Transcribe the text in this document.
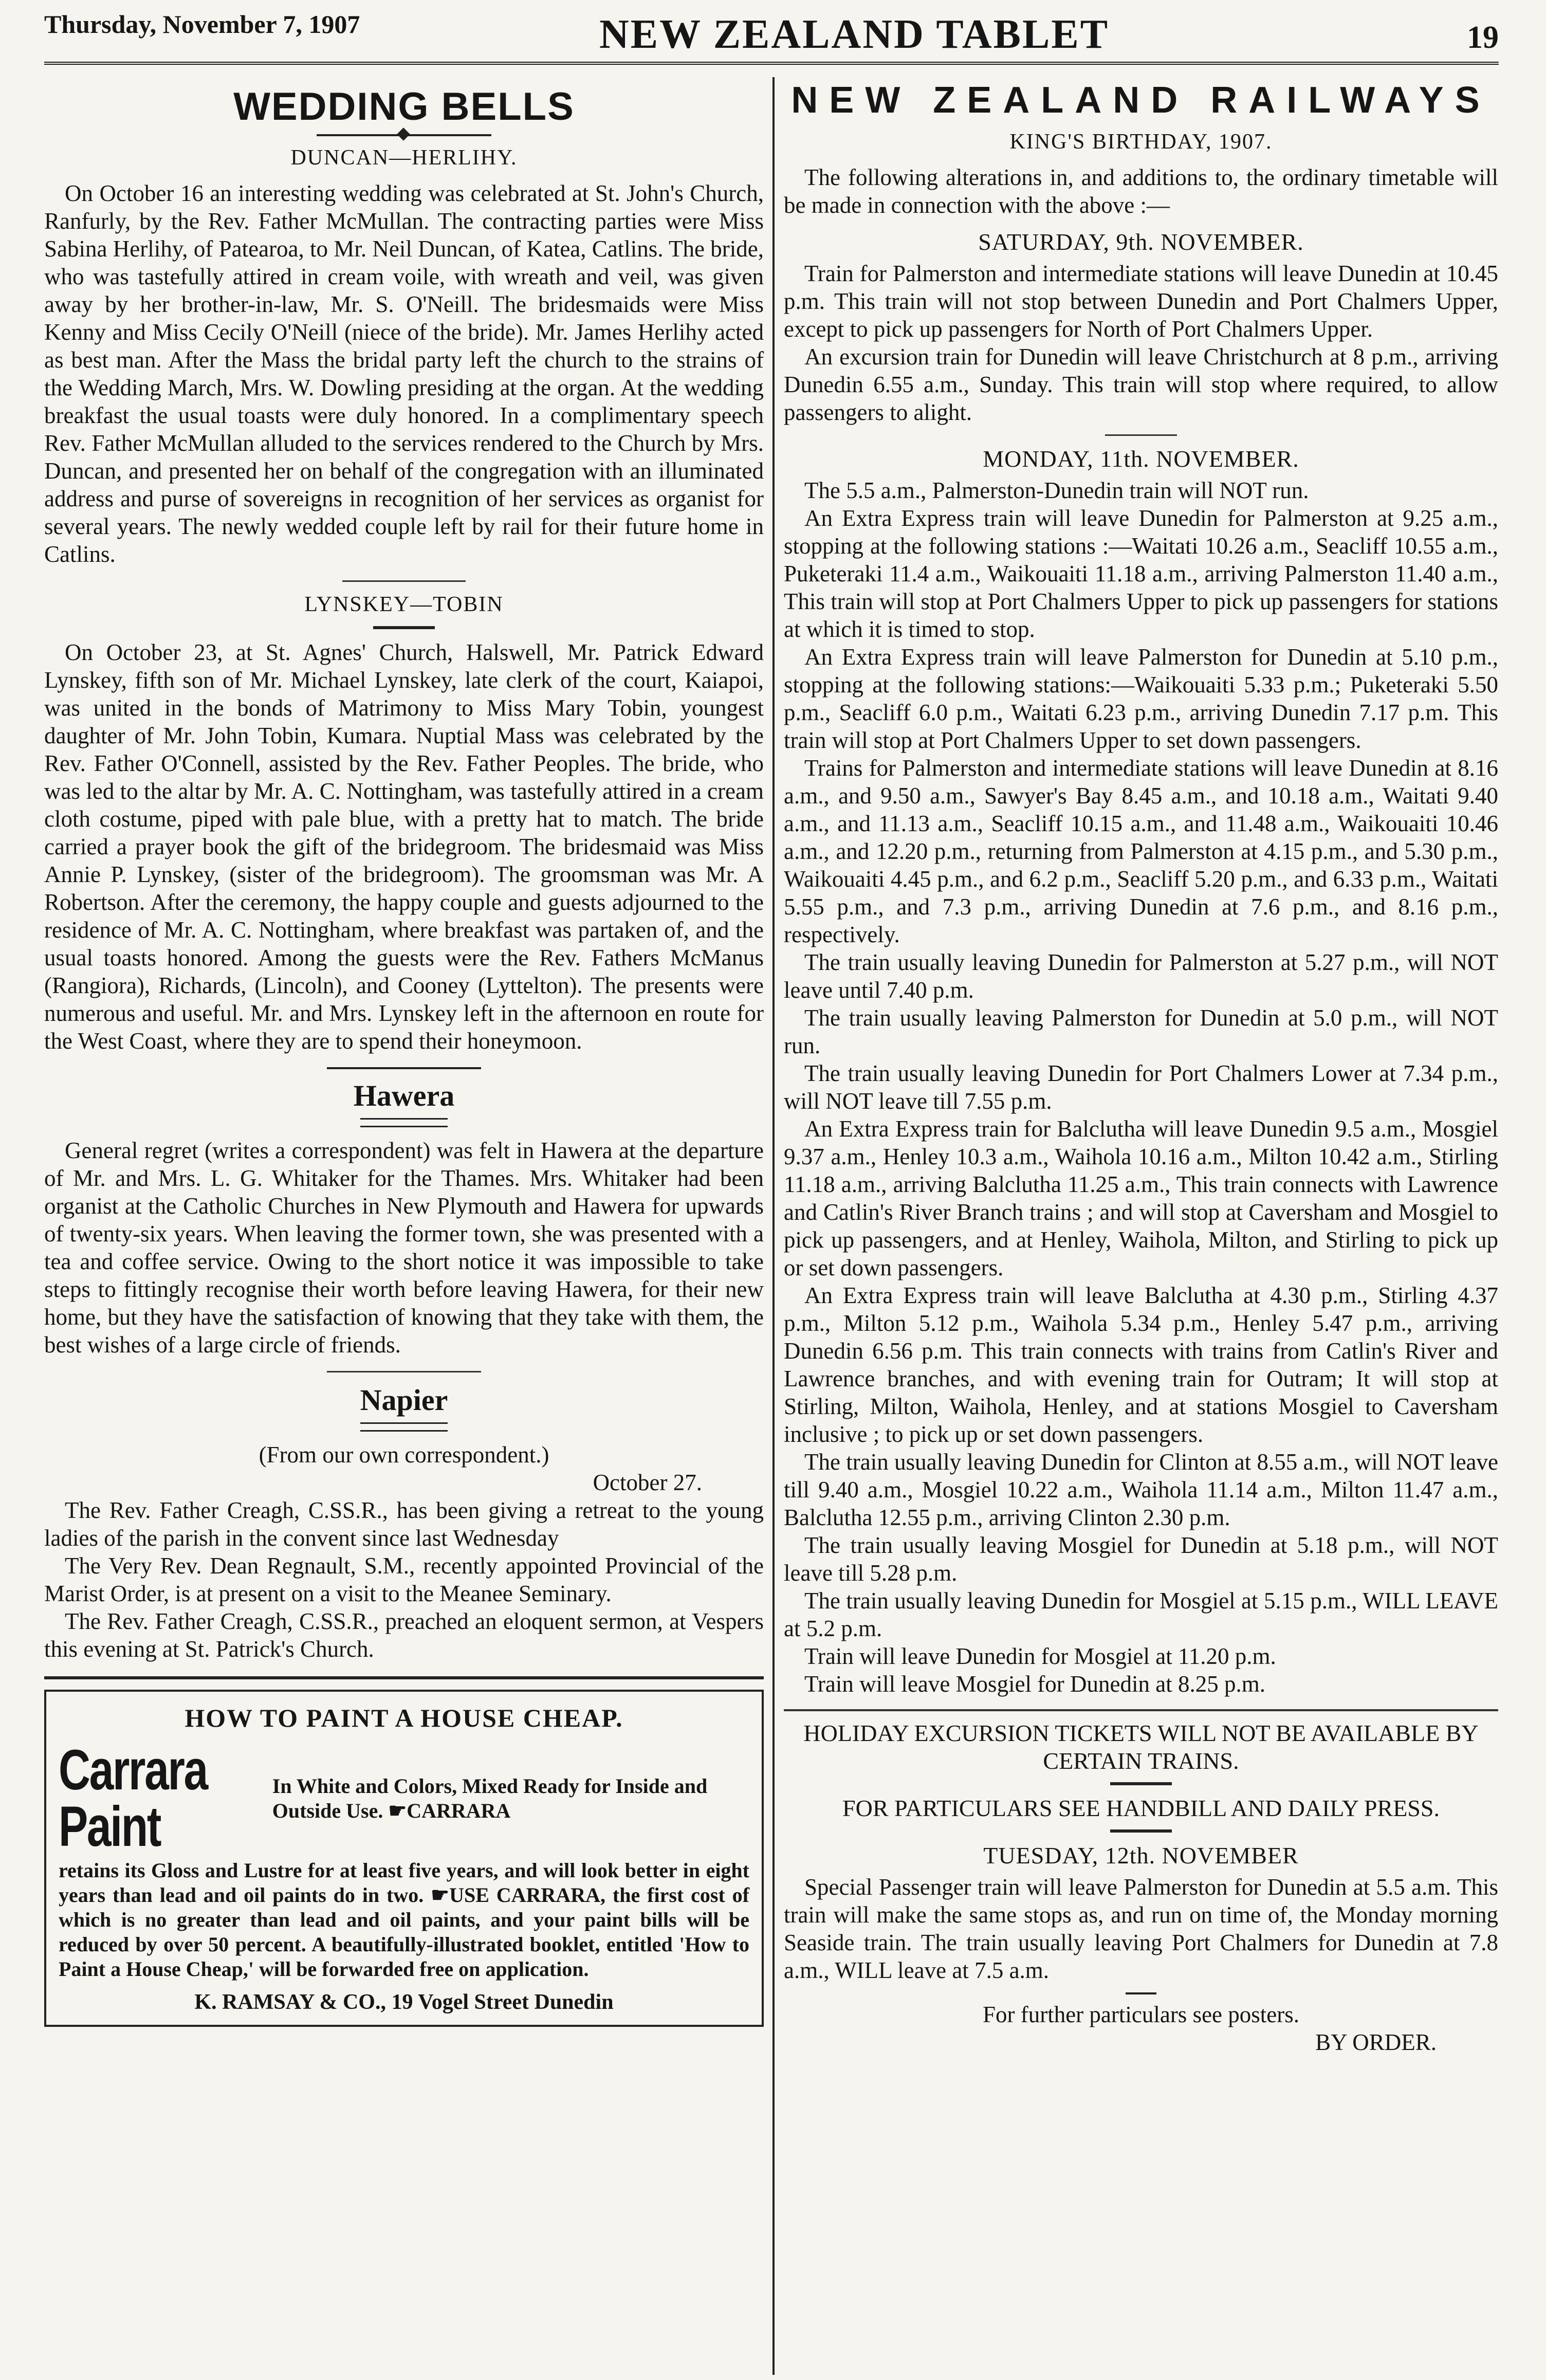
Thursday, November 7, 1907	NEW ZEALAND TABLET	19
WEDDING BELLS
DUNCAN—HERLIHY.

On October 16 an interesting wedding was celebrated at St. John's Church, Ranfurly, by the Rev. Father McMullan. The contracting parties were Miss Sabina Herlihy, of Patearoa, to Mr. Neil Duncan, of Katea, Catlins. The bride, who was tastefully attired in cream voile, with wreath and veil, was given away by her brother-in-law, Mr. S. O'Neill. The bridesmaids were Miss Kenny and Miss Cecily O'Neill (niece of the bride). Mr. James Herlihy acted as best man. After the Mass the bridal party left the church to the strains of the Wedding March, Mrs. W. Dowling presiding at the organ. At the wedding breakfast the usual toasts were duly honored. In a complimentary speech Rev. Father McMullan alluded to the services rendered to the Church by Mrs. Duncan, and presented her on behalf of the congregation with an illuminated address and purse of sovereigns in recognition of her services as organist for several years. The newly wedded couple left by rail for their future home in Catlins.

LYNSKEY—TOBIN

On October 23, at St. Agnes' Church, Halswell, Mr. Patrick Edward Lynskey, fifth son of Mr. Michael Lynskey, late clerk of the court, Kaiapoi, was united in the bonds of Matrimony to Miss Mary Tobin, youngest daughter of Mr. John Tobin, Kumara. Nuptial Mass was celebrated by the Rev. Father O'Connell, assisted by the Rev. Father Peoples. The bride, who was led to the altar by Mr. A. C. Nottingham, was tastefully attired in a cream cloth costume, piped with pale blue, with a pretty hat to match. The bride carried a prayer book the gift of the bridegroom. The bridesmaid was Miss Annie P. Lynskey, (sister of the bridegroom). The groomsman was Mr. A Robertson. After the ceremony, the happy couple and guests adjourned to the residence of Mr. A. C. Nottingham, where breakfast was partaken of, and the usual toasts honored. Among the guests were the Rev. Fathers McManus (Rangiora), Richards, (Lincoln), and Cooney (Lyttelton). The presents were numerous and useful. Mr. and Mrs. Lynskey left in the afternoon en route for the West Coast, where they are to spend their honeymoon.

Hawera

General regret (writes a correspondent) was felt in Hawera at the departure of Mr. and Mrs. L. G. Whitaker for the Thames. Mrs. Whitaker had been organist at the Catholic Churches in New Plymouth and Hawera for upwards of twenty-six years. When leaving the former town, she was presented with a tea and coffee service. Owing to the short notice it was impossible to take steps to fittingly recognise their worth before leaving Hawera, for their new home, but they have the satisfaction of knowing that they take with them, the best wishes of a large circle of friends.

Napier

(From our own correspondent.)

October 27.

The Rev. Father Creagh, C.SS.R., has been giving a retreat to the young ladies of the parish in the convent since last Wednesday

The Very Rev. Dean Regnault, S.M., recently appointed Provincial of the Marist Order, is at present on a visit to the Meanee Seminary.

The Rev. Father Creagh, C.SS.R., preached an eloquent sermon, at Vespers this evening at St. Patrick's Church.

HOW TO PAINT A HOUSE CHEAP.
Carrara Paint
In White and Colors, Mixed Ready for Inside and Outside Use. ☛CARRARA
retains its Gloss and Lustre for at least five years, and will look better in eight years than lead and oil paints do in two. ☛USE CARRARA, the first cost of which is no greater than lead and oil paints, and your paint bills will be reduced by over 50 percent. A beautifully-illustrated booklet, entitled 'How to Paint a House Cheap,' will be forwarded free on application.
K. RAMSAY & CO., 19 Vogel Street Dunedin
NEW ZEALAND RAILWAYS
KING'S BIRTHDAY, 1907.

The following alterations in, and additions to, the ordinary timetable will be made in connection with the above :—

SATURDAY, 9th. NOVEMBER.

Train for Palmerston and intermediate stations will leave Dunedin at 10.45 p.m. This train will not stop between Dunedin and Port Chalmers Upper, except to pick up passengers for North of Port Chalmers Upper.

An excursion train for Dunedin will leave Christchurch at 8 p.m., arriving Dunedin 6.55 a.m., Sunday. This train will stop where required, to allow passengers to alight.

MONDAY, 11th. NOVEMBER.

The 5.5 a.m., Palmerston-Dunedin train will NOT run.

An Extra Express train will leave Dunedin for Palmerston at 9.25 a.m., stopping at the following stations :—Waitati 10.26 a.m., Seacliff 10.55 a.m., Puketeraki 11.4 a.m., Waikouaiti 11.18 a.m., arriving Palmerston 11.40 a.m., This train will stop at Port Chalmers Upper to pick up passengers for stations at which it is timed to stop.

An Extra Express train will leave Palmerston for Dunedin at 5.10 p.m., stopping at the following stations:—Waikouaiti 5.33 p.m.; Puketeraki 5.50 p.m., Seacliff 6.0 p.m., Waitati 6.23 p.m., arriving Dunedin 7.17 p.m. This train will stop at Port Chalmers Upper to set down passengers.

Trains for Palmerston and intermediate stations will leave Dunedin at 8.16 a.m., and 9.50 a.m., Sawyer's Bay 8.45 a.m., and 10.18 a.m., Waitati 9.40 a.m., and 11.13 a.m., Seacliff 10.15 a.m., and 11.48 a.m., Waikouaiti 10.46 a.m., and 12.20 p.m., returning from Palmerston at 4.15 p.m., and 5.30 p.m., Waikouaiti 4.45 p.m., and 6.2 p.m., Seacliff 5.20 p.m., and 6.33 p.m., Waitati 5.55 p.m., and 7.3 p.m., arriving Dunedin at 7.6 p.m., and 8.16 p.m., respectively.

The train usually leaving Dunedin for Palmerston at 5.27 p.m., will NOT leave until 7.40 p.m.

The train usually leaving Palmerston for Dunedin at 5.0 p.m., will NOT run.

The train usually leaving Dunedin for Port Chalmers Lower at 7.34 p.m., will NOT leave till 7.55 p.m.

An Extra Express train for Balclutha will leave Dunedin 9.5 a.m., Mosgiel 9.37 a.m., Henley 10.3 a.m., Waihola 10.16 a.m., Milton 10.42 a.m., Stirling 11.18 a.m., arriving Balclutha 11.25 a.m., This train connects with Lawrence and Catlin's River Branch trains ; and will stop at Caversham and Mosgiel to pick up passengers, and at Henley, Waihola, Milton, and Stirling to pick up or set down passengers.

An Extra Express train will leave Balclutha at 4.30 p.m., Stirling 4.37 p.m., Milton 5.12 p.m., Waihola 5.34 p.m., Henley 5.47 p.m., arriving Dunedin 6.56 p.m. This train connects with trains from Catlin's River and Lawrence branches, and with evening train for Outram; It will stop at Stirling, Milton, Waihola, Henley, and at stations Mosgiel to Caversham inclusive ; to pick up or set down passengers.

The train usually leaving Dunedin for Clinton at 8.55 a.m., will NOT leave till 9.40 a.m., Mosgiel 10.22 a.m., Waihola 11.14 a.m., Milton 11.47 a.m., Balclutha 12.55 p.m., arriving Clinton 2.30 p.m.

The train usually leaving Mosgiel for Dunedin at 5.18 p.m., will NOT leave till 5.28 p.m.

The train usually leaving Dunedin for Mosgiel at 5.15 p.m., WILL LEAVE at 5.2 p.m.

Train will leave Dunedin for Mosgiel at 11.20 p.m.

Train will leave Mosgiel for Dunedin at 8.25 p.m.

HOLIDAY EXCURSION TICKETS WILL NOT BE AVAILABLE BY CERTAIN TRAINS.

FOR PARTICULARS SEE HANDBILL AND DAILY PRESS.

TUESDAY, 12th. NOVEMBER

Special Passenger train will leave Palmerston for Dunedin at 5.5 a.m. This train will make the same stops as, and run on time of, the Monday morning Seaside train. The train usually leaving Port Chalmers for Dunedin at 7.8 a.m., WILL leave at 7.5 a.m.

For further particulars see posters.

BY ORDER.
